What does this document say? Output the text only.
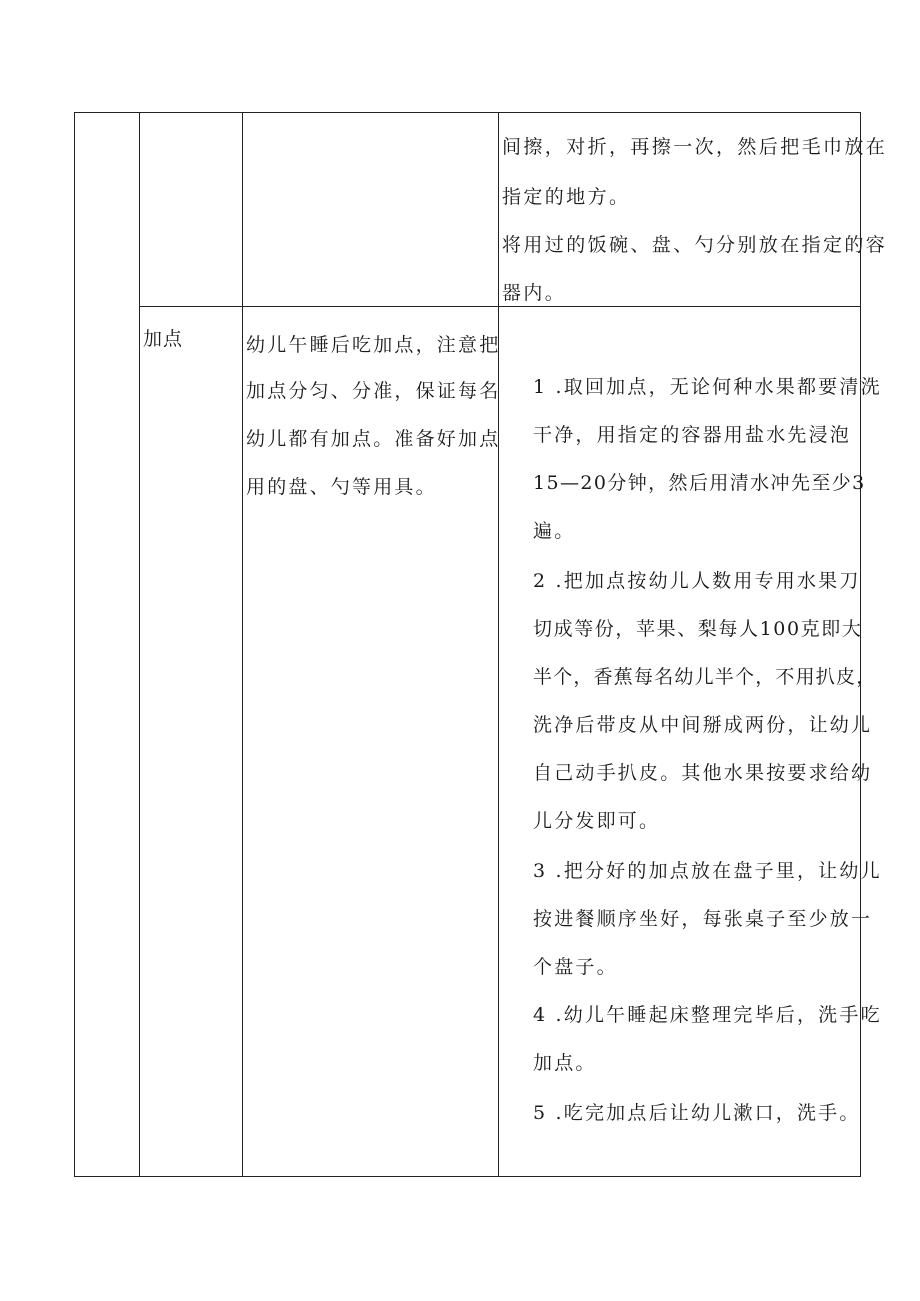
间擦，对折，再擦一次，然后把毛巾放在

指定的地方。

将用过的饭碗、盘、勺分别放在指定的容

器内。

加点	幼儿午睡后吃加点，注意把

加点分匀、分准，保证每名

幼儿都有加点。准备好加点

用的盘、勺等用具。

1 .取回加点，无论何种水果都要清洗

干净，用指定的容器用盐水先浸泡

15—20分钟，然后用清水冲先至少3

遍。

2 .把加点按幼儿人数用专用水果刀

切成等份，苹果、梨每人100克即大

半个，香蕉每名幼儿半个，不用扒皮，

洗净后带皮从中间掰成两份，让幼儿

自己动手扒皮。其他水果按要求给幼

儿分发即可。

3 .把分好的加点放在盘子里，让幼儿

按进餐顺序坐好，每张桌子至少放一

个盘子。

4 .幼儿午睡起床整理完毕后，洗手吃

加点。

5 .吃完加点后让幼儿漱口，洗手。
